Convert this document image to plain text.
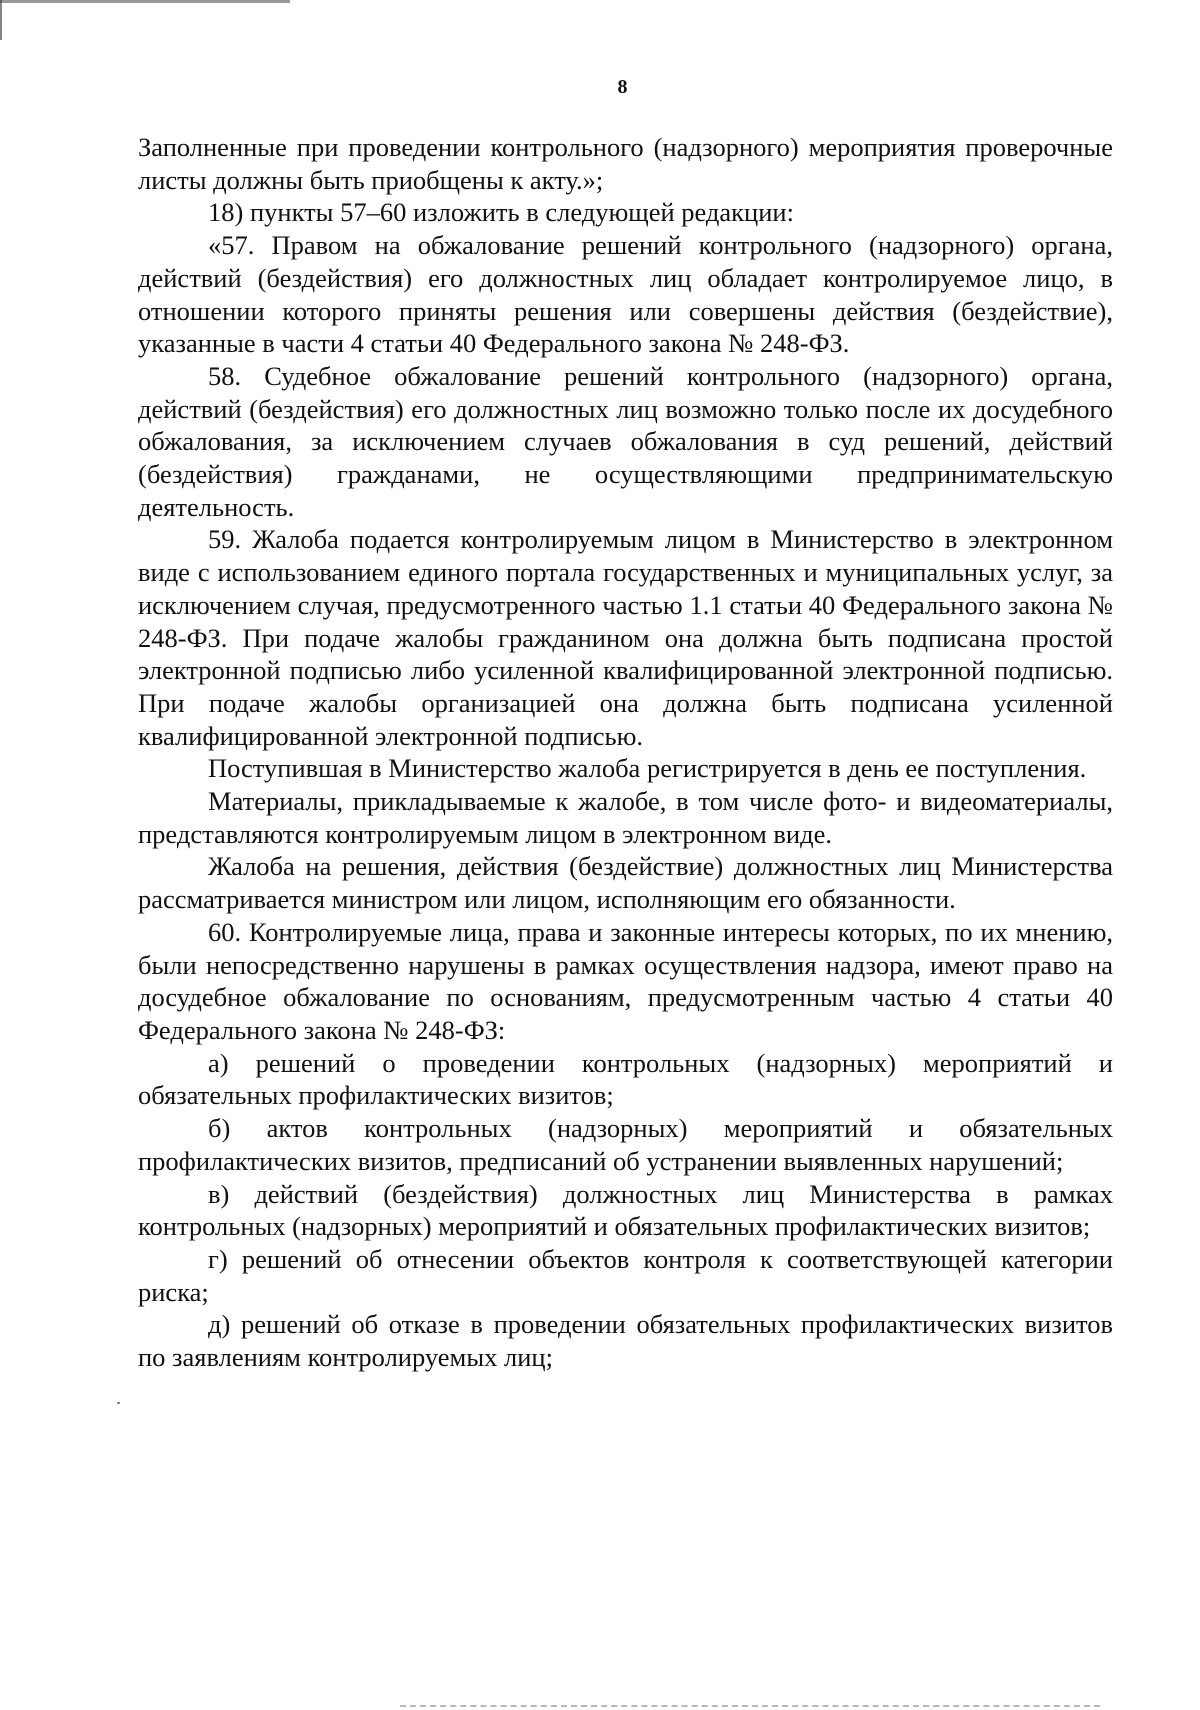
8

Заполненные при проведении контрольного (надзорного) мероприятия проверочные листы должны быть приобщены к акту.»;

18) пункты 57–60 изложить в следующей редакции:

«57. Правом на обжалование решений контрольного (надзорного) органа, действий (бездействия) его должностных лиц обладает контролируемое лицо, в отношении которого приняты решения или совершены действия (бездействие), указанные в части 4 статьи 40 Федерального закона № 248-ФЗ.

58. Судебное обжалование решений контрольного (надзорного) органа, действий (бездействия) его должностных лиц возможно только после их досудебного обжалования, за исключением случаев обжалования в суд решений, действий (бездействия) гражданами, не осуществляющими предпринимательскую деятельность.

59. Жалоба подается контролируемым лицом в Министерство в электронном виде с использованием единого портала государственных и муниципальных услуг, за исключением случая, предусмотренного частью 1.1 статьи 40 Федерального закона № 248-ФЗ. При подаче жалобы гражданином она должна быть подписана простой электронной подписью либо усиленной квалифицированной электронной подписью. При подаче жалобы организацией она должна быть подписана усиленной квалифицированной электронной подписью.

Поступившая в Министерство жалоба регистрируется в день ее поступления.

Материалы, прикладываемые к жалобе, в том числе фото- и видеоматериалы, представляются контролируемым лицом в электронном виде.

Жалоба на решения, действия (бездействие) должностных лиц Министерства рассматривается министром или лицом, исполняющим его обязанности.

60. Контролируемые лица, права и законные интересы которых, по их мнению, были непосредственно нарушены в рамках осуществления надзора, имеют право на досудебное обжалование по основаниям, предусмотренным частью 4 статьи 40 Федерального закона № 248-ФЗ:

а) решений о проведении контрольных (надзорных) мероприятий и обязательных профилактических визитов;

б) актов контрольных (надзорных) мероприятий и обязательных профилактических визитов, предписаний об устранении выявленных нарушений;

в) действий (бездействия) должностных лиц Министерства в рамках контрольных (надзорных) мероприятий и обязательных профилактических визитов;

г) решений об отнесении объектов контроля к соответствующей категории риска;

д) решений об отказе в проведении обязательных профилактических визитов по заявлениям контролируемых лиц;
